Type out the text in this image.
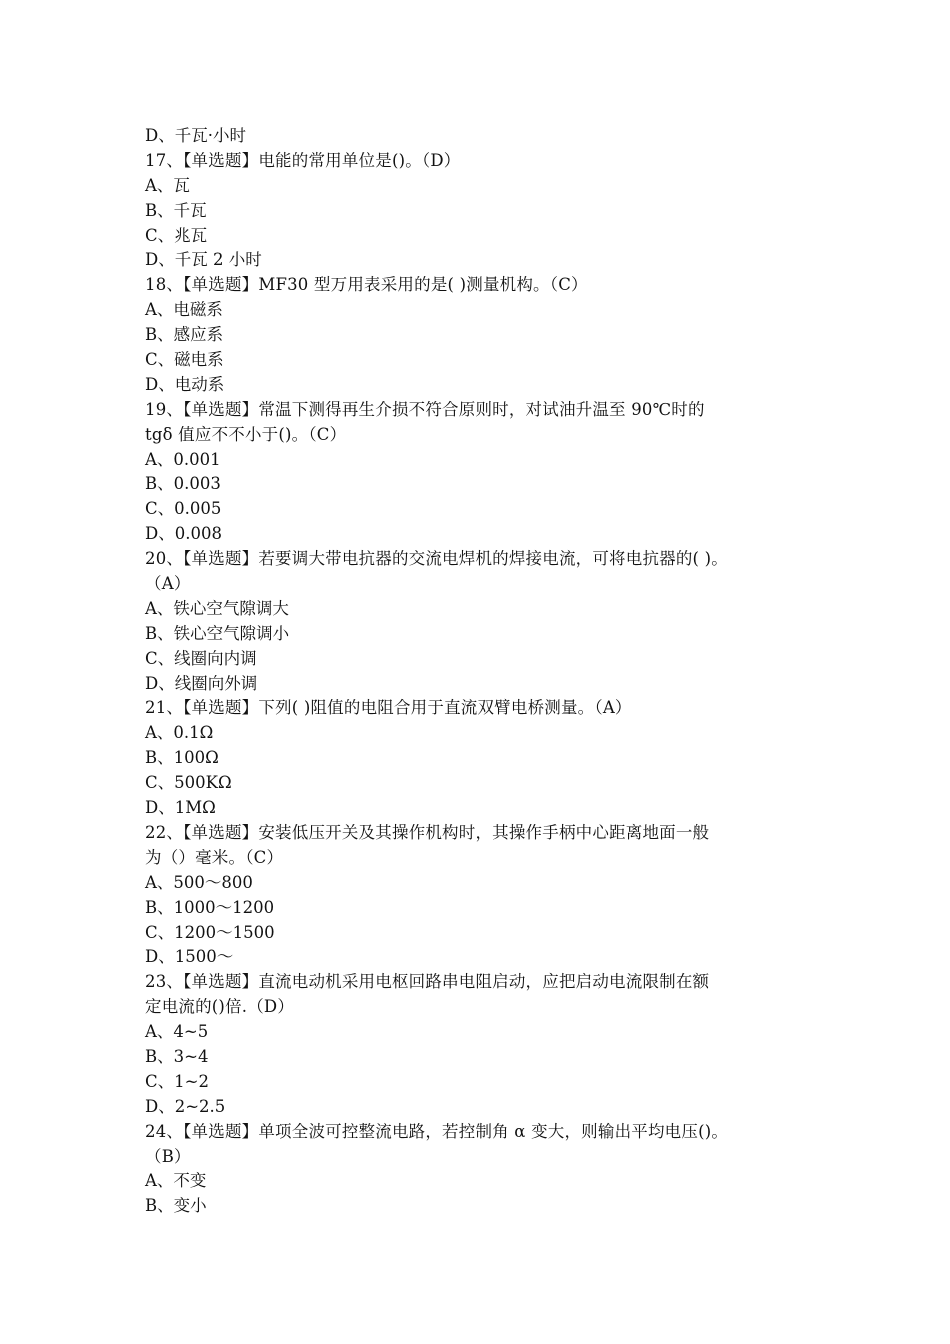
D、千瓦·小时
17、【单选题】电能的常用单位是()。（D）
A、瓦
B、千瓦
C、兆瓦
D、千瓦 2 小时
18、【单选题】MF30 型万用表采用的是( )测量机构。（C）
A、电磁系
B、感应系
C、磁电系
D、电动系
19、【单选题】常温下测得再生介损不符合原则时，对试油升温至 90℃时的
tgδ 值应不不小于()。（C）
A、0.001
B、0.003
C、0.005
D、0.008
20、【单选题】若要调大带电抗器的交流电焊机的焊接电流，可将电抗器的( )。
（A）
A、铁心空气隙调大
B、铁心空气隙调小
C、线圈向内调
D、线圈向外调
21、【单选题】下列( )阻值的电阻合用于直流双臂电桥测量。（A）
A、0.1Ω
B、100Ω
C、500KΩ
D、1MΩ
22、【单选题】安装低压开关及其操作机构时，其操作手柄中心距离地面一般
为（）毫米。（C）
A、500～800
B、1000～1200
C、1200～1500
D、1500～
23、【单选题】直流电动机采用电枢回路串电阻启动，应把启动电流限制在额
定电流的()倍.（D）
A、4~5
B、3~4
C、1~2
D、2~2.5
24、【单选题】单项全波可控整流电路，若控制角 α 变大，则输出平均电压()。
（B）
A、不变
B、变小
